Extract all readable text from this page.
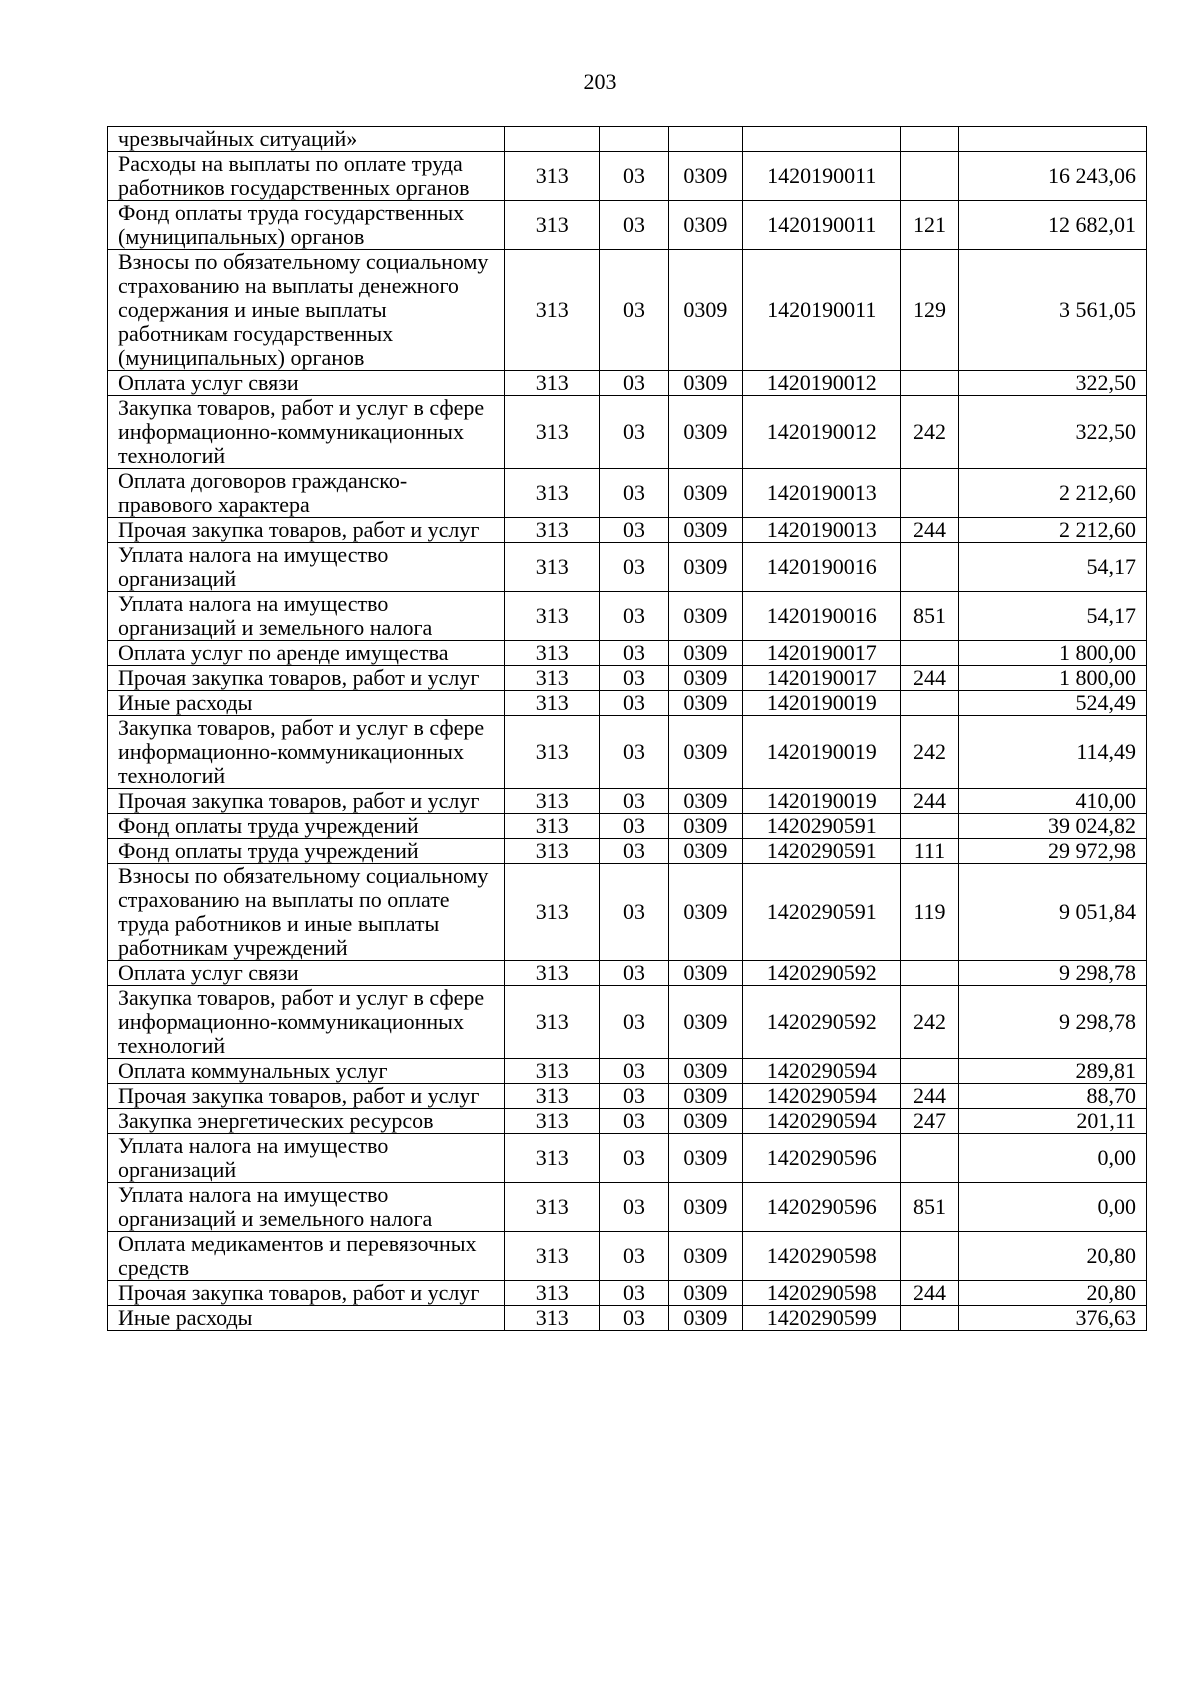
203
чрезвычайных ситуаций»						
Расходы на выплаты по оплате труда работников государственных органов	313	03	0309	1420190011		16 243,06
Фонд оплаты труда государственных (муниципальных) органов	313	03	0309	1420190011	121	12 682,01
Взносы по обязательному социальному страхованию на выплаты денежного содержания и иные выплаты работникам государственных (муниципальных) органов	313	03	0309	1420190011	129	3 561,05
Оплата услуг связи	313	03	0309	1420190012		322,50
Закупка товаров, работ и услуг в сфере информационно-коммуникационных технологий	313	03	0309	1420190012	242	322,50
Оплата договоров гражданско-правового характера	313	03	0309	1420190013		2 212,60
Прочая закупка товаров, работ и услуг	313	03	0309	1420190013	244	2 212,60
Уплата налога на имущество организаций	313	03	0309	1420190016		54,17
Уплата налога на имущество организаций и земельного налога	313	03	0309	1420190016	851	54,17
Оплата услуг по аренде имущества	313	03	0309	1420190017		1 800,00
Прочая закупка товаров, работ и услуг	313	03	0309	1420190017	244	1 800,00
Иные расходы	313	03	0309	1420190019		524,49
Закупка товаров, работ и услуг в сфере информационно-коммуникационных технологий	313	03	0309	1420190019	242	114,49
Прочая закупка товаров, работ и услуг	313	03	0309	1420190019	244	410,00
Фонд оплаты труда учреждений	313	03	0309	1420290591		39 024,82
Фонд оплаты труда учреждений	313	03	0309	1420290591	111	29 972,98
Взносы по обязательному социальному страхованию на выплаты по оплате труда работников и иные выплаты работникам учреждений	313	03	0309	1420290591	119	9 051,84
Оплата услуг связи	313	03	0309	1420290592		9 298,78
Закупка товаров, работ и услуг в сфере информационно-коммуникационных технологий	313	03	0309	1420290592	242	9 298,78
Оплата коммунальных услуг	313	03	0309	1420290594		289,81
Прочая закупка товаров, работ и услуг	313	03	0309	1420290594	244	88,70
Закупка энергетических ресурсов	313	03	0309	1420290594	247	201,11
Уплата налога на имущество организаций	313	03	0309	1420290596		0,00
Уплата налога на имущество организаций и земельного налога	313	03	0309	1420290596	851	0,00
Оплата медикаментов и перевязочных средств	313	03	0309	1420290598		20,80
Прочая закупка товаров, работ и услуг	313	03	0309	1420290598	244	20,80
Иные расходы	313	03	0309	1420290599		376,63
